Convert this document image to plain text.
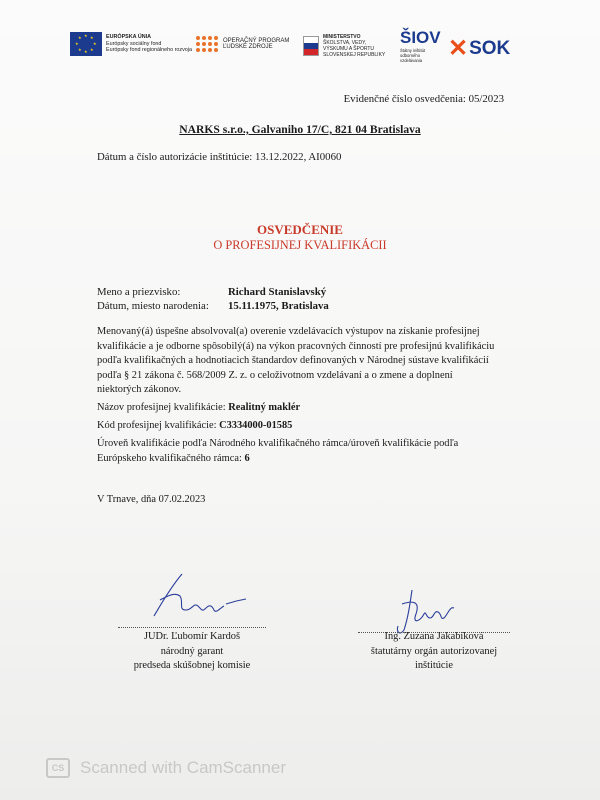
★ ★
★
★
★
★
★
★	EURÓPSKA ÚNIA
Európsky sociálny fond
Európsky fond regionálneho rozvoja
OPERAČNÝ PROGRAM
ĽUDSKÉ ZDROJE
MINISTERSTVO
ŠKOLSTVA, VEDY,
VÝSKUMU A ŠPORTU
SLOVENSKEJ REPUBLIKY
ŠIOV
Štátny inštitút
odborného
vzdelávania ✕ SOK
Evidenčné číslo osvedčenia: 05/2023
NARKS s.r.o., Galvaniho 17/C, 821 04 Bratislava
Dátum a číslo autorizácie inštitúcie: 13.12.2022, AI0060
OSVEDČENIE
O PROFESIJNEJ KVALIFIKÁCII
Meno a priezvisko:	Richard Stanislavský
Dátum, miesto narodenia: 15.11.1975, Bratislava
Menovaný(á) úspešne absolvoval(a) overenie vzdelávacích výstupov na získanie profesijnej
kvalifikácie a je odborne spôsobilý(á) na výkon pracovných činností pre profesijnú kvalifikáciu
podľa kvalifikačných a hodnotiacich štandardov definovaných v Národnej sústave kvalifikácií
podľa § 21 zákona č. 568/2009 Z. z. o celoživotnom vzdelávaní a o zmene a doplnení
niektorých zákonov.
Názov profesijnej kvalifikácie: Realitný maklér
Kód profesijnej kvalifikácie: C3334000-01585
Úroveň kvalifikácie podľa Národného kvalifikačného rámca/úroveň kvalifikácie podľa
Európskeho kvalifikačného rámca: 6
V Trnave, dňa 07.02.2023
JUDr. Ľubomír Kardoš
národný garant
predseda skúšobnej komisie
Ing. Zuzana Jakabíková
štatutárny orgán autorizovanej
inštitúcie
CS Scanned with CamScanner
